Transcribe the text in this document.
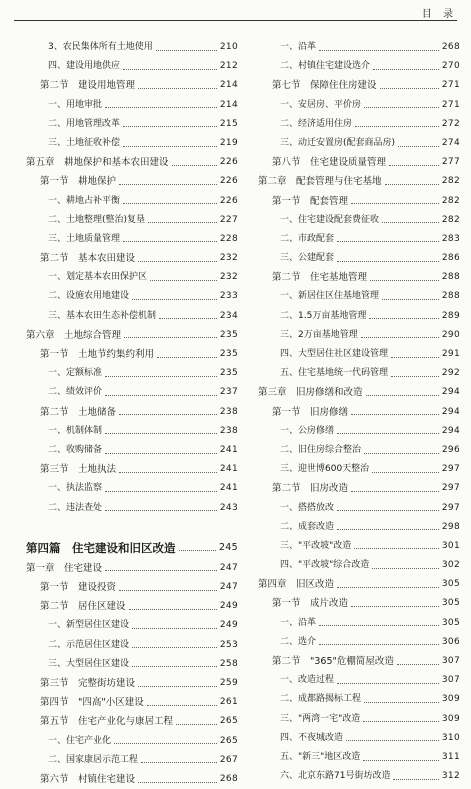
目 录
3、农民集体所有土地使用	210
四、建设用地供应	212
第二节　建设用地管理	214
一、用地审批	214
二、用地管理改革	215
三、土地征收补偿	219
第五章　耕地保护和基本农田建设	226
第一节　耕地保护	226
一、耕地占补平衡	226
二、土地整理(整治)复垦	227
三、土地质量管理	228
第二节　基本农田建设	232
一、划定基本农田保护区	232
二、设施农用地建设	233
三、基本农田生态补偿机制	234
第六章　土地综合管理	235
第一节　土地节约集约利用	235
一、定额标准	235
二、绩效评价	237
第二节　土地储备	238
一、机制体制	238
二、收购储备	241
第三节　土地执法	241
一、执法监察	241
二、违法查处	243
第四篇　住宅建设和旧区改造	245
第一章　住宅建设	247
第一节　建设投资	247
第二节　居住区建设	249
一、新型居住区建设	249
二、示范居住区建设	253
三、大型居住区建设	258
第三节　完整街坊建设	259
第四节　"四高"小区建设	261
第五节　住宅产业化与康居工程	265
一、住宅产业化	265
二、国家康居示范工程	267
第六节　村镇住宅建设	268
一、沿革	268
二、村镇住宅建设选介	270
第七节　保障住住房建设	271
一、安居房、平价房	271
二、经济适用住房	272
三、动迁安置房(配套商品房)	274
第八节　住宅建设质量管理	277
第二章　配套管理与住宅基地	282
第一节　配套管理	282
一、住宅建设配套费征收	282
二、市政配套	283
三、公建配套	286
第二节　住宅基地管理	288
一、新居住区住基地管理	288
二、1.5万亩基地管理	289
三、2万亩基地管理	290
四、大型居住社区建设管理	291
五、住宅基地统一代码管理	292
第三章　旧房修缮和改造	294
第一节　旧房修缮	294
一、公房修缮	294
二、旧住房综合整治	296
三、迎世博600天整治	297
第二节　旧房改造	297
一、搭搭放改	297
二、成套改造	298
三、"平改坡"改造	301
四、"平改坡"综合改造	302
第四章　旧区改造	305
第一节　成片改造	305
一、沿革	305
二、选介	306
第二节　"365"危棚简屋改造	307
一、改造过程	307
二、成都路揭标工程	309
三、"两湾一宅"改造	309
四、不夜城改造	310
五、"新三"地区改造	311
六、北京东路71号街坊改造	312
